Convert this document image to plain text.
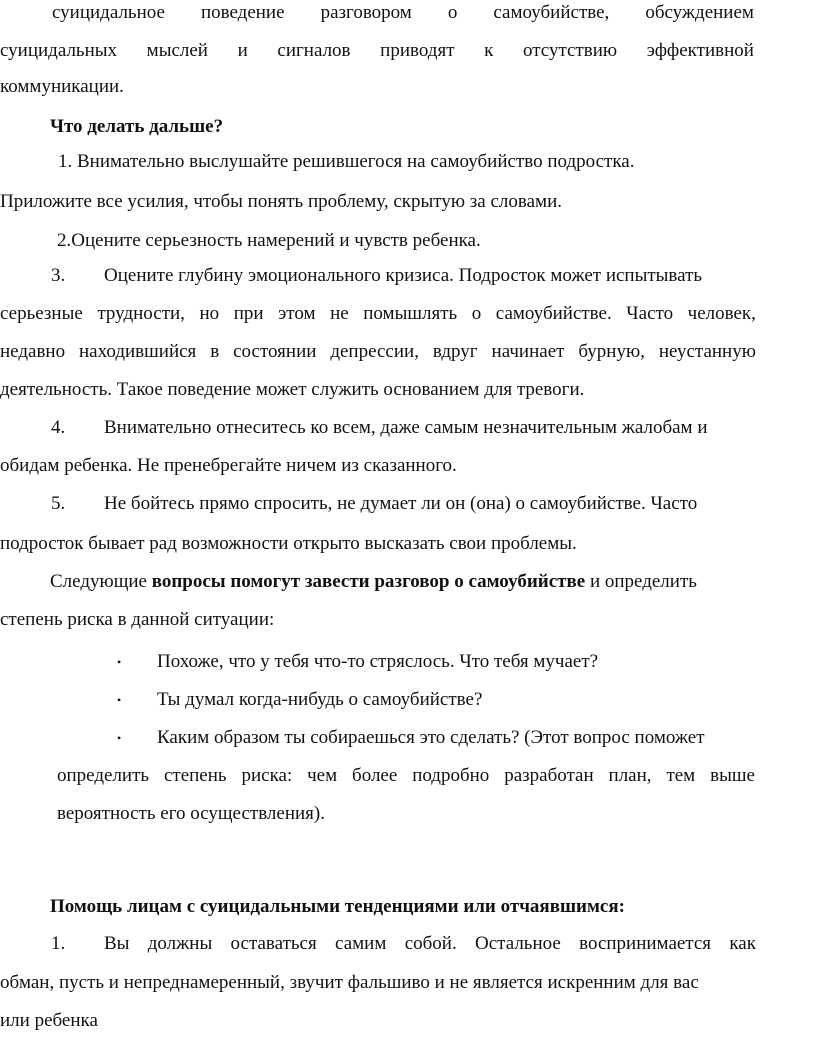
суицидальное поведение разговором о самоубийстве, обсуждением
суицидальных мыслей и сигналов приводят к отсутствию эффективной
коммуникации.
Что делать дальше?
1. Внимательно выслушайте решившегося на самоубийство подростка.
Приложите все усилия, чтобы понять проблему, скрытую за словами.
2.Оцените серьезность намерений и чувств ребенка.
3.	Оцените глубину эмоционального кризиса. Подросток может испытывать
серьезные трудности, но при этом не помышлять о самоубийстве. Часто человек,
недавно находившийся в состоянии депрессии, вдруг начинает бурную, неустанную
деятельность. Такое поведение может служить основанием для тревоги.
4.	Внимательно отнеситесь ко всем, даже самым незначительным жалобам и
обидам ребенка. Не пренебрегайте ничем из сказанного.
5.	Не бойтесь прямо спросить, не думает ли он (она) о самоубийстве. Часто
подросток бывает рад возможности открыто высказать свои проблемы.
Следующие вопросы помогут завести разговор о самоубийстве и определить
степень риска в данной ситуации:
•	Похоже, что у тебя что-то стряслось. Что тебя мучает?
•	Ты думал когда-нибудь о самоубийстве?
•	Каким образом ты собираешься это сделать? (Этот вопрос поможет
определить степень риска: чем более подробно разработан план, тем выше
вероятность его осуществления).
Помощь лицам с суицидальными тенденциями или отчаявшимся:
1.	Вы должны оставаться самим собой. Остальное воспринимается как
обман, пусть и непреднамеренный, звучит фальшиво и не является искренним для вас
или ребенка
